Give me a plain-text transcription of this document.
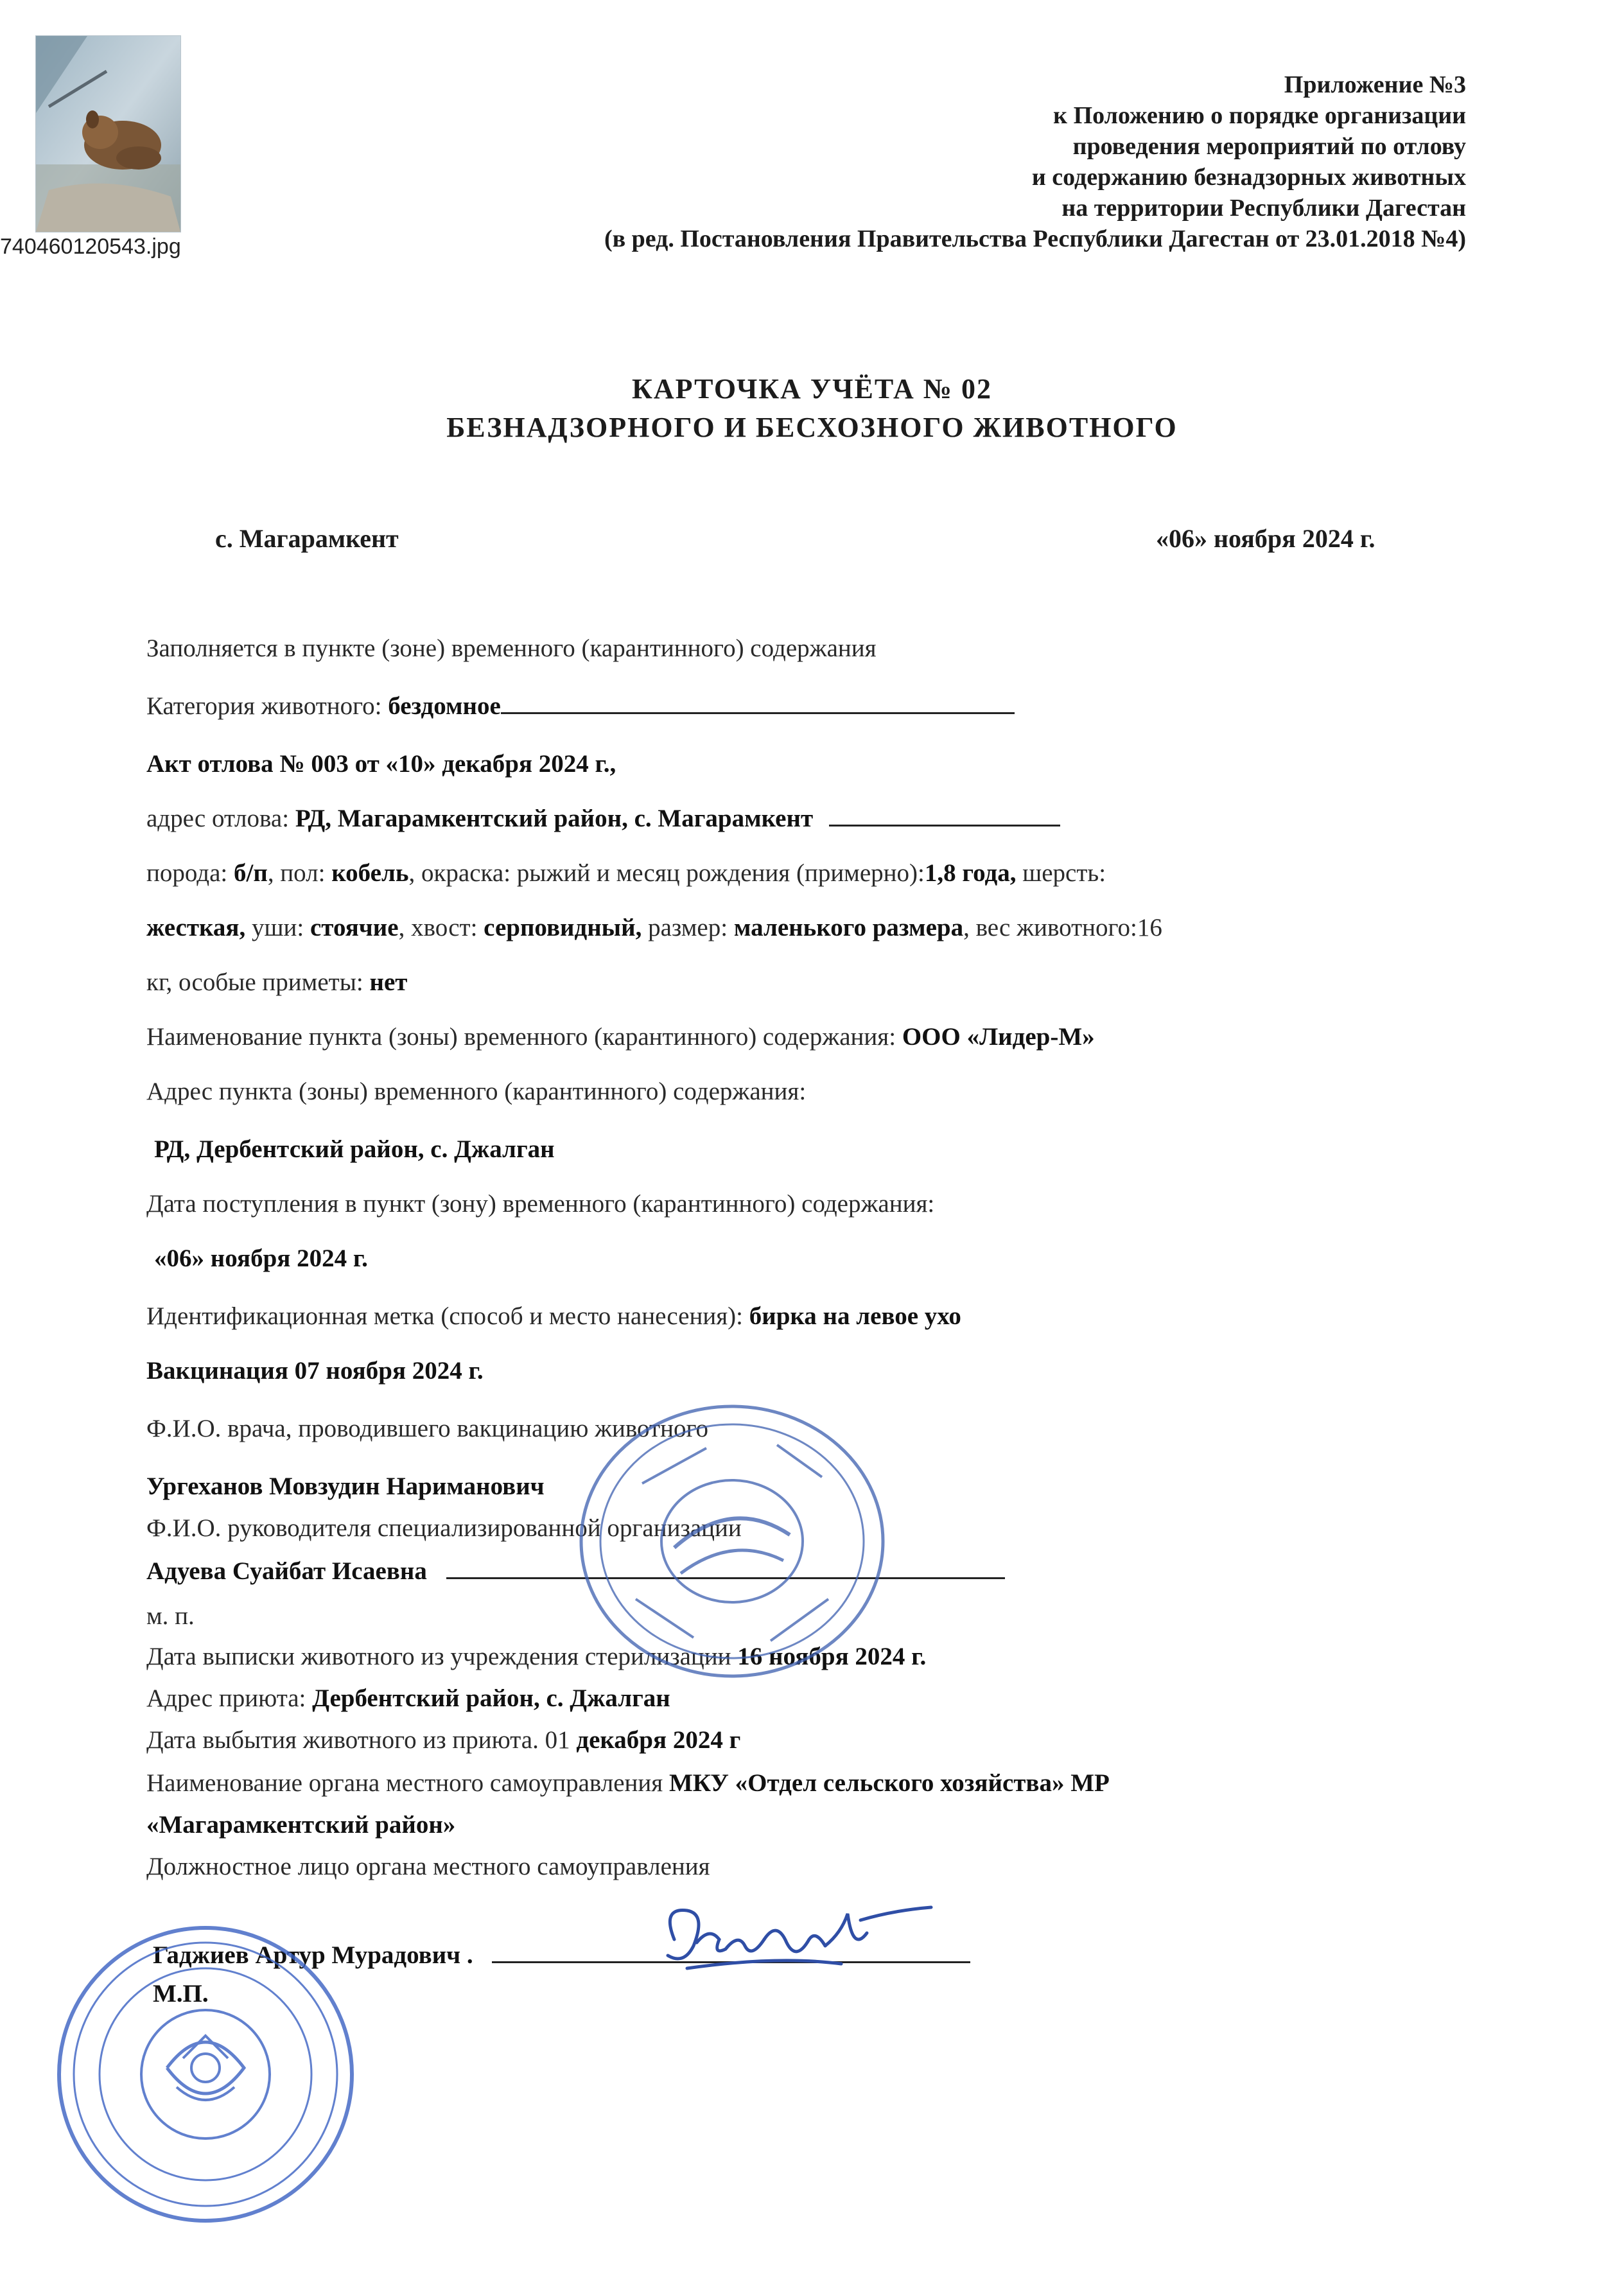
740460120543.jpg
Приложение №3
к Положению о порядке организации
проведения мероприятий по отлову
и содержанию безнадзорных животных
на территории Республики Дагестан
(в ред. Постановления Правительства Республики Дагестан от 23.01.2018 №4)
КАРТОЧКА УЧЁТА № 02
БЕЗНАДЗОРНОГО И БЕСХОЗНОГО ЖИВОТНОГО
с. Магарамкент	«06» ноября 2024 г.
Заполняется в пункте (зоне) временного (карантинного) содержания
Категория животного: бездомное
Акт отлова № 003 от «10» декабря 2024 г.,
адрес отлова: РД, Магарамкентский район, с. Магарамкент
порода: б/п, пол: кобель, окраска: рыжий и месяц рождения (примерно):1,8 года, шерсть:
жесткая, уши: стоячие, хвост: серповидный, размер: маленького размера, вес животного:16
кг, особые приметы: нет
Наименование пункта (зоны) временного (карантинного) содержания: ООО «Лидер-М»
Адрес пункта (зоны) временного (карантинного) содержания:
РД, Дербентский район, с. Джалган
Дата поступления в пункт (зону) временного (карантинного) содержания:
«06» ноября 2024 г.
Идентификационная метка (способ и место нанесения): бирка на левое ухо
Вакцинация 07 ноября 2024 г.
Ф.И.О. врача, проводившего вакцинацию животного
Ургеханов Мовзудин Нариманович
Ф.И.О. руководителя специализированной организации
Адуева Суайбат Исаевна
м. п.
Дата выписки животного из учреждения стерилизации 16 ноября 2024 г.
Адрес приюта: Дербентский район, с. Джалган
Дата выбытия животного из приюта. 01 декабря 2024 г
Наименование органа местного самоуправления МКУ «Отдел сельского хозяйства» МР
«Магарамкентский район»
Должностное лицо органа местного самоуправления
Гаджиев Артур Мурадович .
М.П.
